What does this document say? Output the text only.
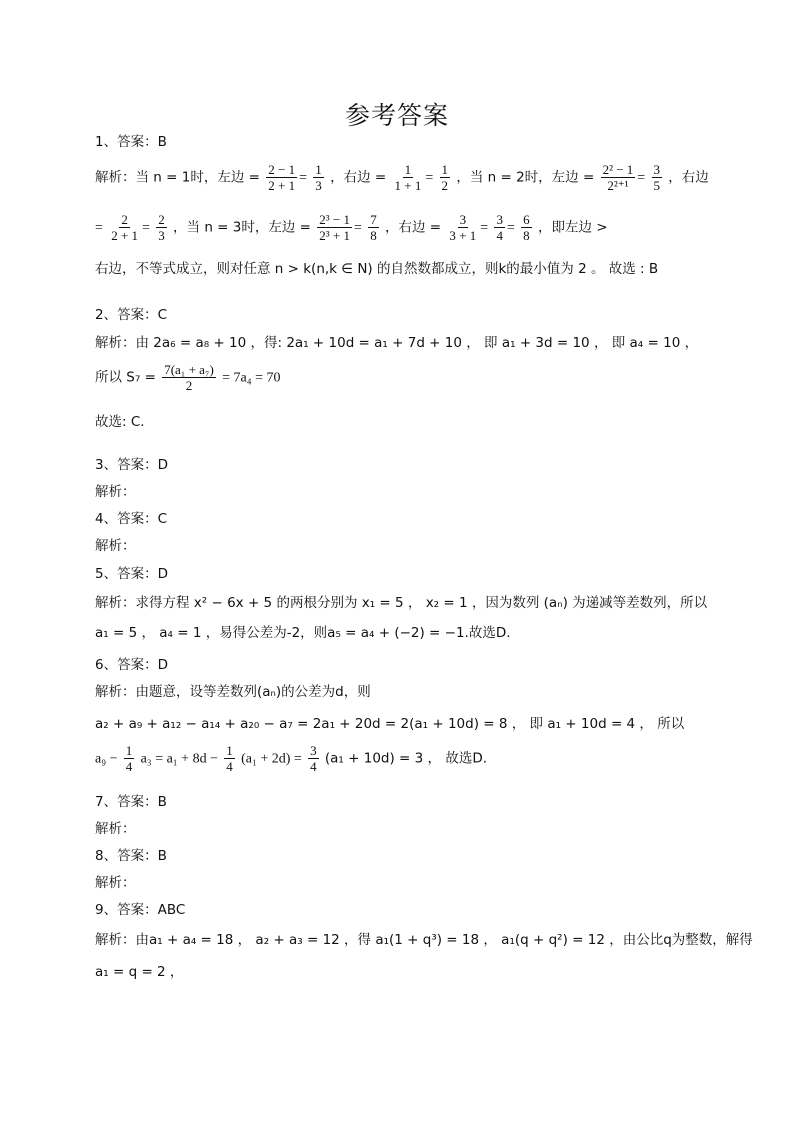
参考答案
1、答案：B
解析：当 n = 1时，左边 = $\frac{2 - 1}{2 + 1} = \frac{1}{3}$ ，右边 = $\frac{1}{1 + 1} = \frac{1}{2}$ ，当 n = 2时，左边 = $\frac{\text{2² − 1}}{\text{2²⁺¹}} = \frac{3}{5}$ ，右边
= $\frac{2}{2 + 1} = \frac{2}{3}$ ，当 n = 3时，左边 = $\frac{\text{2³ − 1}}{\text{2³ + 1}} = \frac{7}{8}$ ，右边 = $\frac{3}{3 + 1} = \frac{3}{4} = \frac{6}{8}$ ，即左边 >
右边，不等式成立，则对任意 n > k(n,k ∈ N) 的自然数都成立，则k的最小值为 2 。 故选 : B
2、答案：C
解析：由 2a₆ = a₈ + 10 ，得: 2a₁ + 10d = a₁ + 7d + 10 ， 即 a₁ + 3d = 10 ， 即 a₄ = 10 ，
所以 $S_7 = \frac{\text{7(a₁ + a₇)}}{2} = 7a_4 = 70$
故选: C.
3、答案：D
解析：
4、答案：C
解析：
5、答案：D
解析：求得方程 x² − 6x + 5 的两根分别为 x₁ = 5 ， x₂ = 1 ，因为数列 (aₙ) 为递减等差数列，所以
a₁ = 5 ， a₄ = 1 ，易得公差为-2，则a₅ = a₄ + (−2) = −1.故选D.
6、答案：D
解析：由题意，设等差数列(aₙ)的公差为d，则
a₂ + a₉ + a₁₂ − a₁₄ + a₂₀ − a₇ = 2a₁ + 20d = 2(a₁ + 10d) = 8 ， 即 a₁ + 10d = 4 ， 所以
$a_9 - \frac{1}{4} a_3 = a_1 + 8d - \frac{1}{4} (a_1 + 2d) = \frac{3}{4} (a_1 + 10d) = 3$ ， 故选D.
7、答案：B
解析：
8、答案：B
解析：
9、答案：ABC
解析：由a₁ + a₄ = 18 ， a₂ + a₃ = 12 ，得 a₁(1 + q³) = 18 ， a₁(q + q²) = 12 ，由公比q为整数，解得
a₁ = q = 2 ，
